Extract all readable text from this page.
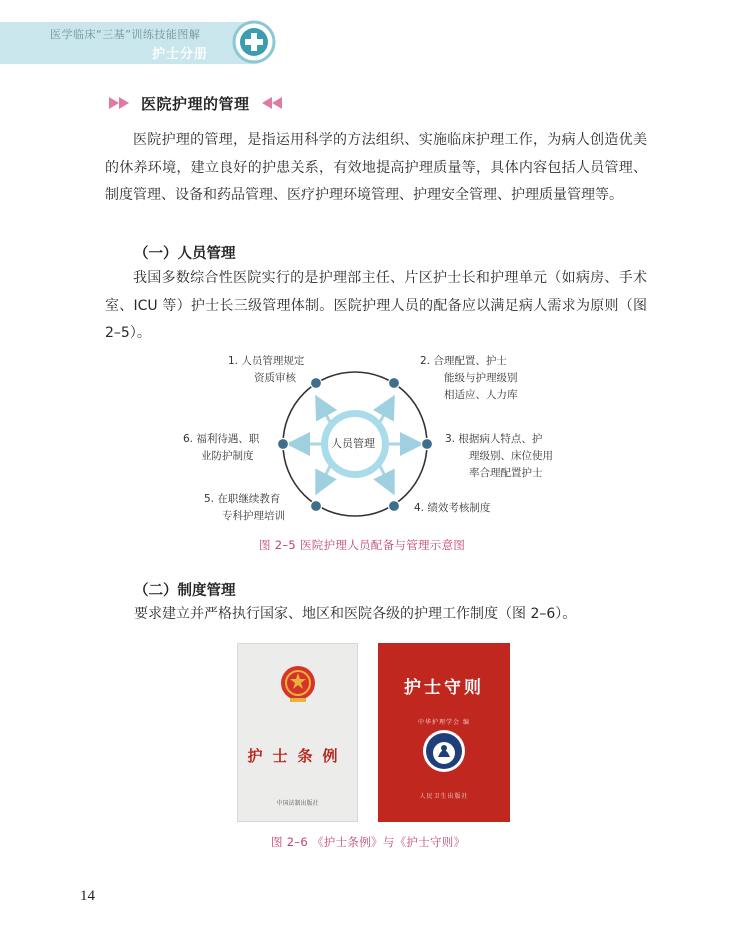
医学临床“三基”训练技能图解
护士分册
医院护理的管理

医院护理的管理，是指运用科学的方法组织、实施临床护理工作，为病人创造优美的休养环境，建立良好的护患关系，有效地提高护理质量等，具体内容包括人员管理、制度管理、设备和药品管理、医疗护理环境管理、护理安全管理、护理质量管理等。

（一）人员管理

我国多数综合性医院实行的是护理部主任、片区护士长和护理单元（如病房、手术室、ICU 等）护士长三级管理体制。医院护理人员的配备应以满足病人需求为原则（图 2–5）。

人员管理
1. 人员管理规定
资质审核
2. 合理配置、护士
能级与护理级别
相适应、人力库
3. 根据病人特点、护
理级别、床位使用
率合理配置护士
4. 绩效考核制度
5. 在职继续教育
专科护理培训
6. 福利待遇、职
业防护制度
图 2–5 医院护理人员配备与管理示意图
（二）制度管理

要求建立并严格执行国家、地区和医院各级的护理工作制度（图 2–6）。

护士条例
中国法制出版社
护士守则
中华护理学会 编
人民卫生出版社
图 2–6 《护士条例》与《护士守则》
14
